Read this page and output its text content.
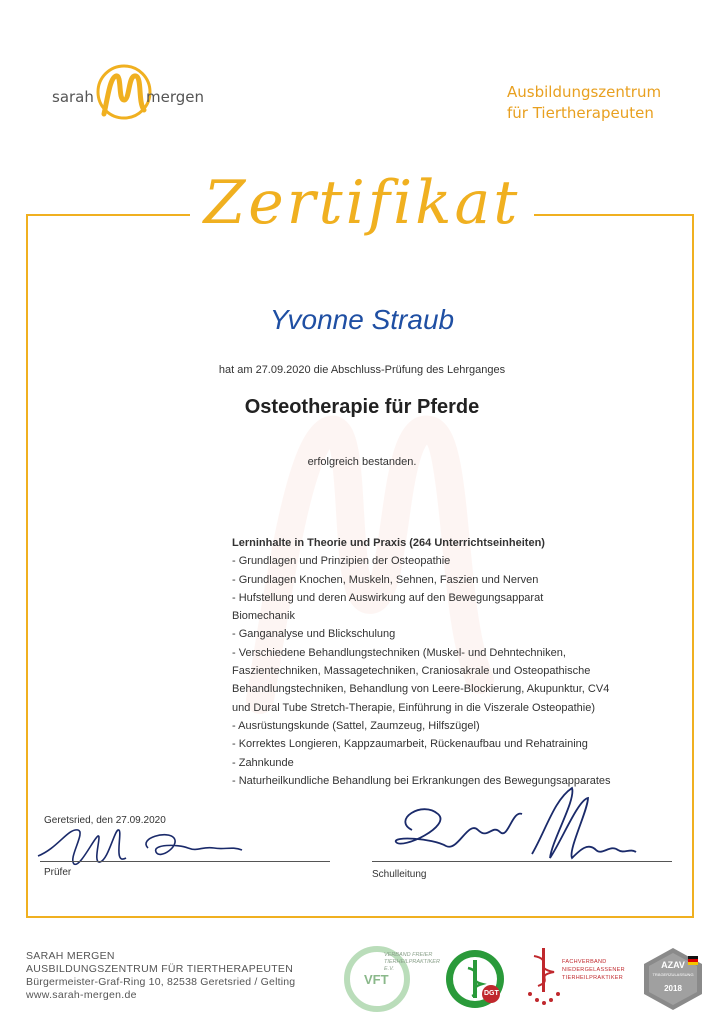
sarah	mergen	Ausbildungszentrum
für Tiertherapeuten
Zertifikat
Yvonne Straub
hat am 27.09.2020 die Abschluss-Prüfung des Lehrganges
Osteotherapie für Pferde
erfolgreich bestanden.
Lerninhalte in Theorie und Praxis (264 Unterrichtseinheiten)
- Grundlagen und Prinzipien der Osteopathie
- Grundlagen Knochen, Muskeln, Sehnen, Faszien und Nerven
- Hufstellung und deren Auswirkung auf den Bewegungsapparat
Biomechanik
- Ganganalyse und Blickschulung
- Verschiedene Behandlungstechniken (Muskel- und Dehntechniken,
Faszientechniken, Massagetechniken, Craniosakrale und Osteopathische
Behandlungstechniken, Behandlung von Leere-Blockierung, Akupunktur, CV4
und Dural Tube Stretch-Therapie, Einführung in die Viszerale Osteopathie)
- Ausrüstungskunde (Sattel, Zaumzeug, Hilfszügel)
- Korrektes Longieren, Kappzaumarbeit, Rückenaufbau und Rehatraining
- Zahnkunde
- Naturheilkundliche Behandlung bei Erkrankungen des Bewegungsapparates
Geretsried, den 27.09.2020
Prüfer	Schulleitung
SARAH MERGEN
AUSBILDUNGSZENTRUM FÜR TIERTHERAPEUTEN
Bürgermeister-Graf-Ring 10, 82538 Geretsried / Gelting
www.sarah-mergen.de
VFT
VERBAND FREIER TIERHEILPRAKTIKER E.V.
DGT
FACHVERBAND NIEDERGELASSENER TIERHEILPRAKTIKER
AZAV
TRÄGERZULASSUNG
2018
